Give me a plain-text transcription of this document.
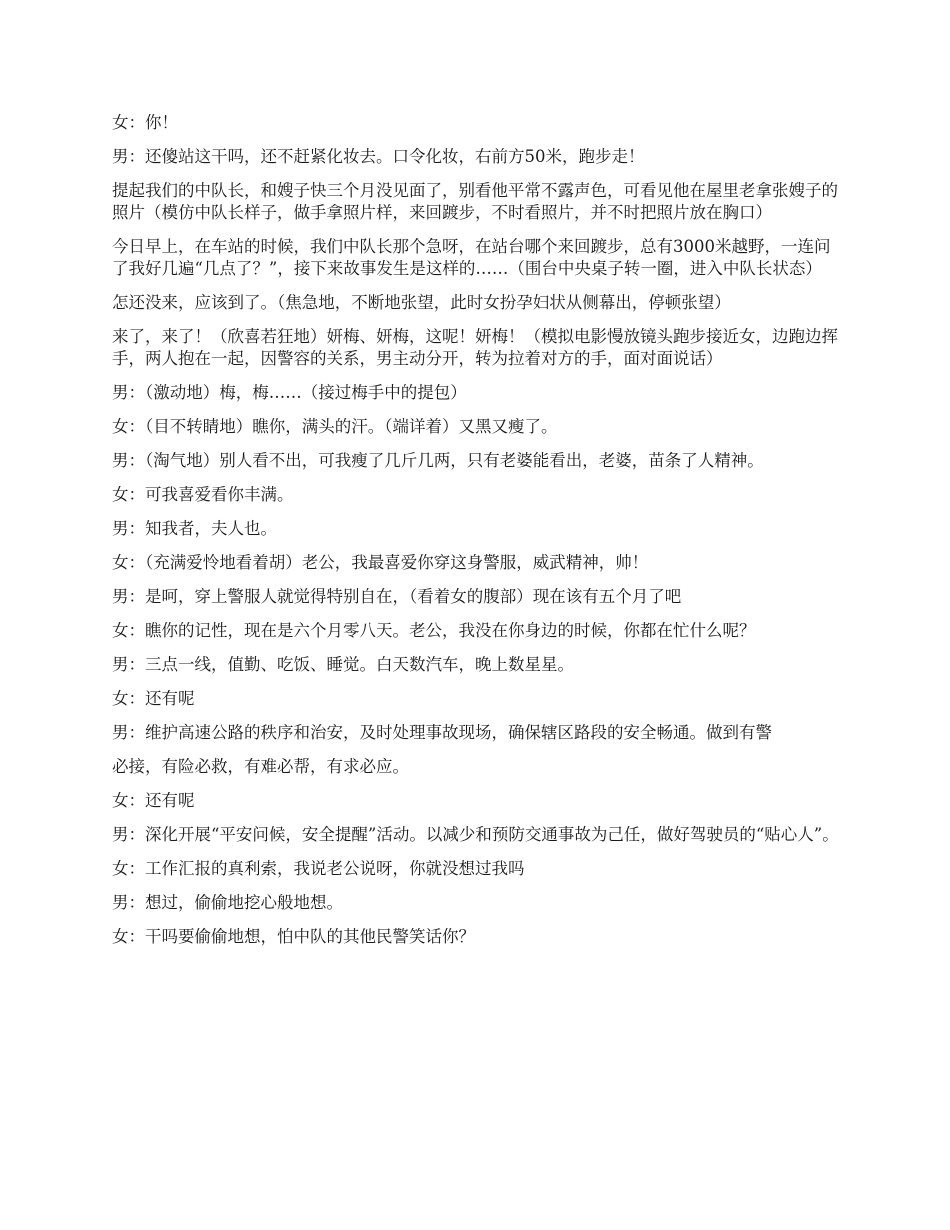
女：你！

男：还傻站这干吗，还不赶紧化妆去。口令化妆，右前方50米，跑步走！

提起我们的中队长，和嫂子快三个月没见面了，别看他平常不露声色，可看见他在屋里老拿张嫂子的照片（模仿中队长样子，做手拿照片样，来回踱步，不时看照片，并不时把照片放在胸口）

今日早上，在车站的时候，我们中队长那个急呀，在站台哪个来回踱步，总有3000米越野，一连问了我好几遍“几点了？”，接下来故事发生是这样的……（围台中央桌子转一圈，进入中队长状态）

怎还没来，应该到了。（焦急地，不断地张望，此时女扮孕妇状从侧幕出，停顿张望）

来了，来了！（欣喜若狂地）妍梅、妍梅，这呢！妍梅！（模拟电影慢放镜头跑步接近女，边跑边挥手，两人抱在一起，因警容的关系，男主动分开，转为拉着对方的手，面对面说话）

男：（激动地）梅，梅……（接过梅手中的提包）

女：（目不转睛地）瞧你，满头的汗。（端详着）又黑又瘦了。

男：（淘气地）别人看不出，可我瘦了几斤几两，只有老婆能看出，老婆，苗条了人精神。

女：可我喜爱看你丰满。

男：知我者，夫人也。

女：（充满爱怜地看着胡）老公，我最喜爱你穿这身警服，威武精神，帅！

男：是呵，穿上警服人就觉得特别自在，（看着女的腹部）现在该有五个月了吧

女：瞧你的记性，现在是六个月零八天。老公，我没在你身边的时候，你都在忙什么呢？

男：三点一线，值勤、吃饭、睡觉。白天数汽车，晚上数星星。

女：还有呢

男：维护高速公路的秩序和治安，及时处理事故现场，确保辖区路段的安全畅通。做到有警

必接，有险必救，有难必帮，有求必应。

女：还有呢

男：深化开展“平安问候，安全提醒”活动。以减少和预防交通事故为己任，做好驾驶员的“贴心人”。

女：工作汇报的真利索，我说老公说呀，你就没想过我吗

男：想过，偷偷地挖心般地想。

女：干吗要偷偷地想，怕中队的其他民警笑话你？
